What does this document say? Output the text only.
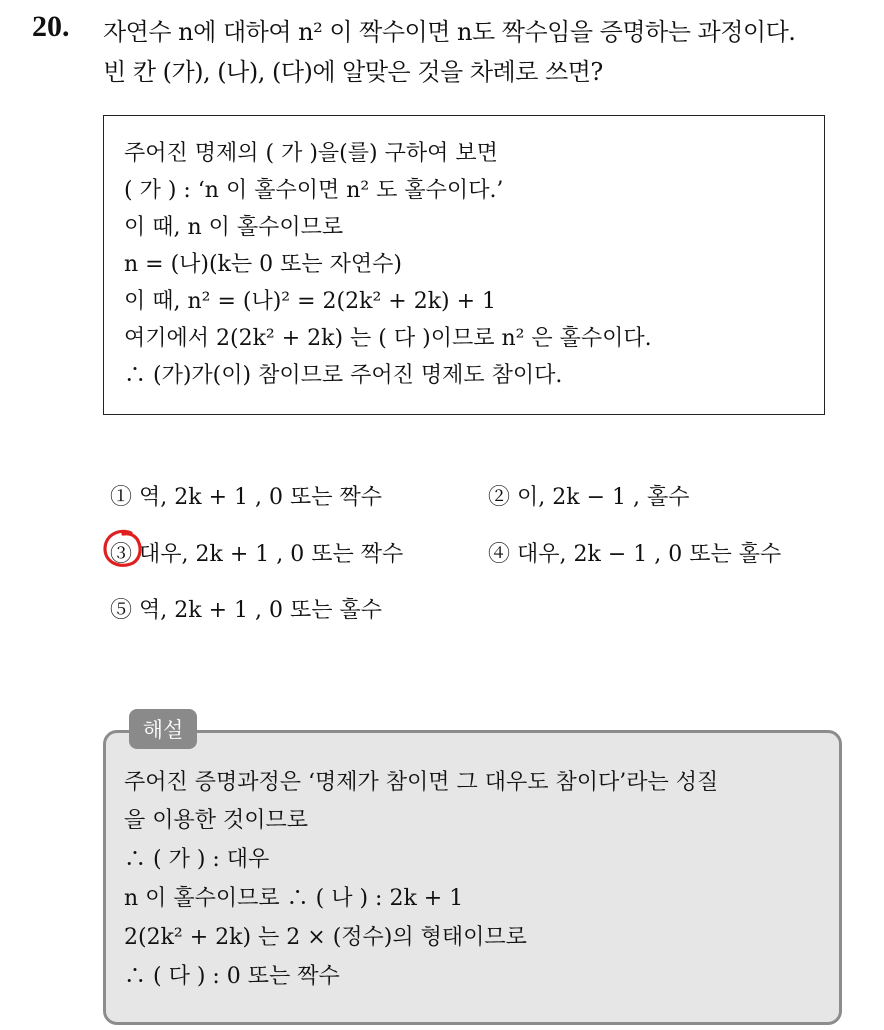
20. 자연수 n에 대하여 n² 이 짝수이면 n도 짝수임을 증명하는 과정이다.
빈 칸 (가), (나), (다)에 알맞은 것을 차례로 쓰면?
주어진 명제의 ( 가 )을(를) 구하여 보면
( 가 ) : ‘n 이 홀수이면 n² 도 홀수이다.’
이 때, n 이 홀수이므로
n = (나)(k는 0 또는 자연수)
이 때, n² = (나)² = 2(2k² + 2k) + 1
여기에서 2(2k² + 2k) 는 ( 다 )이므로 n² 은 홀수이다.
∴ (가)가(이) 참이므로 주어진 명제도 참이다.
① 역, 2k + 1 , 0 또는 짝수	② 이, 2k − 1 , 홀수
③ 대우, 2k + 1 , 0 또는 짝수	④ 대우, 2k − 1 , 0 또는 홀수
⑤ 역, 2k + 1 , 0 또는 홀수
해설
주어진 증명과정은 ‘명제가 참이면 그 대우도 참이다’라는 성질
을 이용한 것이므로
∴ ( 가 ) : 대우
n 이 홀수이므로 ∴ ( 나 ) : 2k + 1
2(2k² + 2k) 는 2 × (정수)의 형태이므로
∴ ( 다 ) : 0 또는 짝수
